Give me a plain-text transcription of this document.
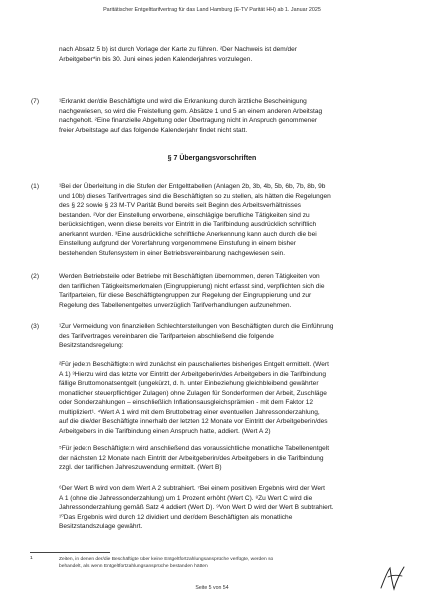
Paritätischer Entgelttarifvertrag für das Land Hamburg (E-TV Parität HH) ab 1. Januar 2025

nach Absatz 5 b) ist durch Vorlage der Karte zu führen. ²Der Nachweis ist dem/der

Arbeitgeber*in bis 30. Juni eines jeden Kalenderjahres vorzulegen.

(7)	¹Erkrankt der/die Beschäftigte und wird die Erkrankung durch ärztliche Bescheinigung

nachgewiesen, so wird die Freistellung gem. Absätze 1 und 5 an einem anderen Arbeitstag

nachgeholt. ²Eine finanzielle Abgeltung oder Übertragung nicht in Anspruch genommener

freier Arbeitstage auf das folgende Kalenderjahr findet nicht statt.

§ 7 Übergangsvorschriften
(1)	¹Bei der Überleitung in die Stufen der Entgelttabellen (Anlagen 2b, 3b, 4b, 5b, 6b, 7b, 8b, 9b

und 10b) dieses Tarifvertrages sind die Beschäftigten so zu stellen, als hätten die Regelungen

des § 22 sowie § 23 M-TV Parität Bund bereits seit Beginn des Arbeitsverhältnisses

bestanden. ²Vor der Einstellung erworbene, einschlägige berufliche Tätigkeiten sind zu

berücksichtigen, wenn diese bereits vor Eintritt in die Tarifbindung ausdrücklich schriftlich

anerkannt wurden. ³Eine ausdrückliche schriftliche Anerkennung kann auch durch die bei

Einstellung aufgrund der Vorerfahrung vorgenommene Einstufung in einem bisher

bestehenden Stufensystem in einer Betriebsvereinbarung nachgewiesen sein.

(2)	Werden Betriebsteile oder Betriebe mit Beschäftigten übernommen, deren Tätigkeiten von

den tariflichen Tätigkeitsmerkmalen (Eingruppierung) nicht erfasst sind, verpflichten sich die

Tarifparteien, für diese Beschäftigtengruppen zur Regelung der Eingruppierung und zur

Regelung des Tabellenentgeltes unverzüglich Tarifverhandlungen aufzunehmen.

(3)	¹Zur Vermeidung von finanziellen Schlechterstellungen von Beschäftigten durch die Einführung

des Tarifvertrages vereinbaren die Tarifparteien abschließend die folgende

Besitzstandsregelung:

²Für jede:n Beschäftigte:n wird zunächst ein pauschaliertes bisheriges Entgelt ermittelt. (Wert

A 1) ³Hierzu wird das letzte vor Eintritt der Arbeitgeberin/des Arbeitgebers in die Tarifbindung

fällige Bruttomonatsentgelt (ungekürzt, d. h. unter Einbeziehung gleichbleibend gewährter

monatlicher steuerpflichtiger Zulagen) ohne Zulagen für Sonderformen der Arbeit, Zuschläge

oder Sonderzahlungen – einschließlich Inflationsausgleichsprämien - mit dem Faktor 12

multipliziert¹. ⁴Wert A 1 wird mit dem Bruttobetrag einer eventuellen Jahressonderzahlung,

auf die die/der Beschäftigte innerhalb der letzten 12 Monate vor Eintritt der Arbeitgeberin/des

Arbeitgebers in die Tarifbindung einen Anspruch hatte, addiert. (Wert A 2)

⁵Für jede:n Beschäftigte:n wird anschließend das voraussichtliche monatliche Tabellenentgelt

der nächsten 12 Monate nach Eintritt der Arbeitgeberin/des Arbeitgebers in die Tarifbindung

zzgl. der tariflichen Jahreszuwendung ermittelt. (Wert B)

⁶Der Wert B wird von dem Wert A 2 subtrahiert. ⁷Bei einem positiven Ergebnis wird der Wert

A 1 (ohne die Jahressonderzahlung) um 1 Prozent erhöht (Wert C). ⁸Zu Wert C wird die

Jahressonderzahlung gemäß Satz 4 addiert (Wert D). ⁹Von Wert D wird der Wert B subtrahiert.

¹⁰Das Ergebnis wird durch 12 dividiert und der/dem Beschäftigten als monatliche

Besitzstandszulage gewährt.

1	Zeiten, in denen der/die Beschäftigte über keine Entgeltfortzahlungsansprüche verfügte, werden so
behandelt, als wenn Entgeltfortzahlungsansprüche bestanden hätten
Seite 5 von 54
